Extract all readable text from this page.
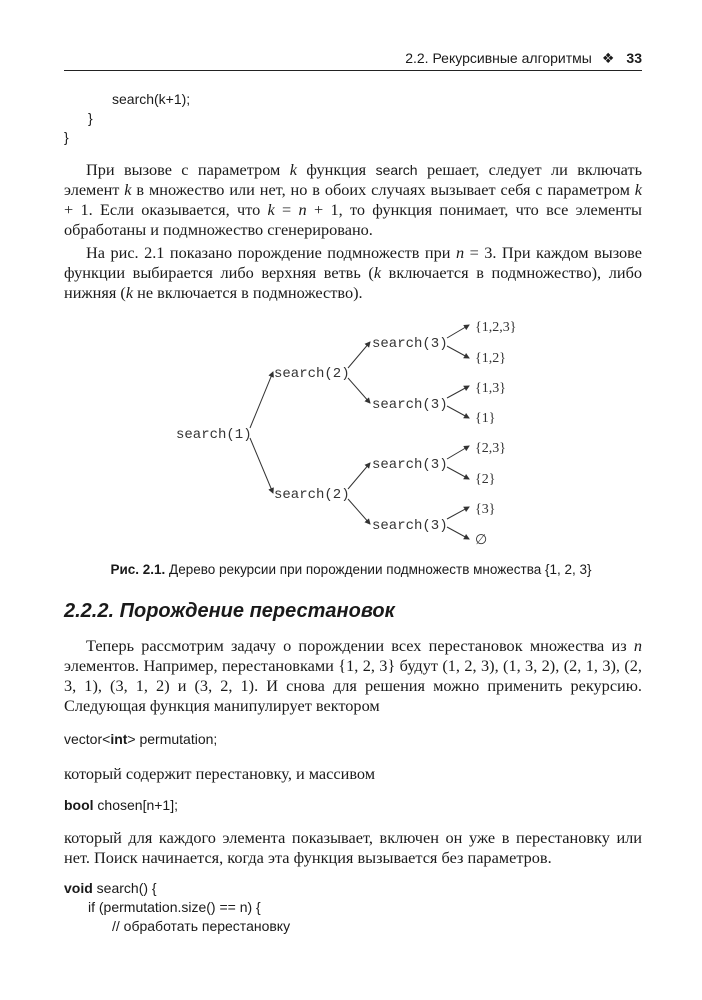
2.2. Рекурсивные алгоритмы ❖ 33
search(k+1);
}
}

При вызове с параметром k функция search решает, следует ли включать элемент k в множество или нет, но в обоих случаях вызывает себя с параметром k + 1. Если оказывается, что k = n + 1, то функция понимает, что все элементы обработаны и подмножество сгенерировано.

На рис. 2.1 показано порождение подмножеств при n = 3. При каждом вызове функции выбирается либо верхняя ветвь (k включается в подмножество), либо нижняя (k не включается в подмножество).

search(1)
search(2)
search(2)
search(3)
search(3)
search(3)
search(3)
{1,2,3}
{1,2}
{1,3}
{1}
{2,3}
{2}
{3}
∅
Рис. 2.1. Дерево рекурсии при порождении подмножеств множества {1, 2, 3}
2.2.2. Порождение перестановок

Теперь рассмотрим задачу о порождении всех перестановок множества из n элементов. Например, перестановками {1, 2, 3} будут (1, 2, 3), (1, 3, 2), (2, 1, 3), (2, 3, 1), (3, 1, 2) и (3, 2, 1). И снова для решения можно применить рекурсию. Следующая функция манипулирует вектором

vector<int> permutation;

который содержит перестановку, и массивом

bool chosen[n+1];

который для каждого элемента показывает, включен он уже в перестановку или нет. Поиск начинается, когда эта функция вызывается без параметров.

void search() {
if (permutation.size() == n) {
// обработать перестановку
